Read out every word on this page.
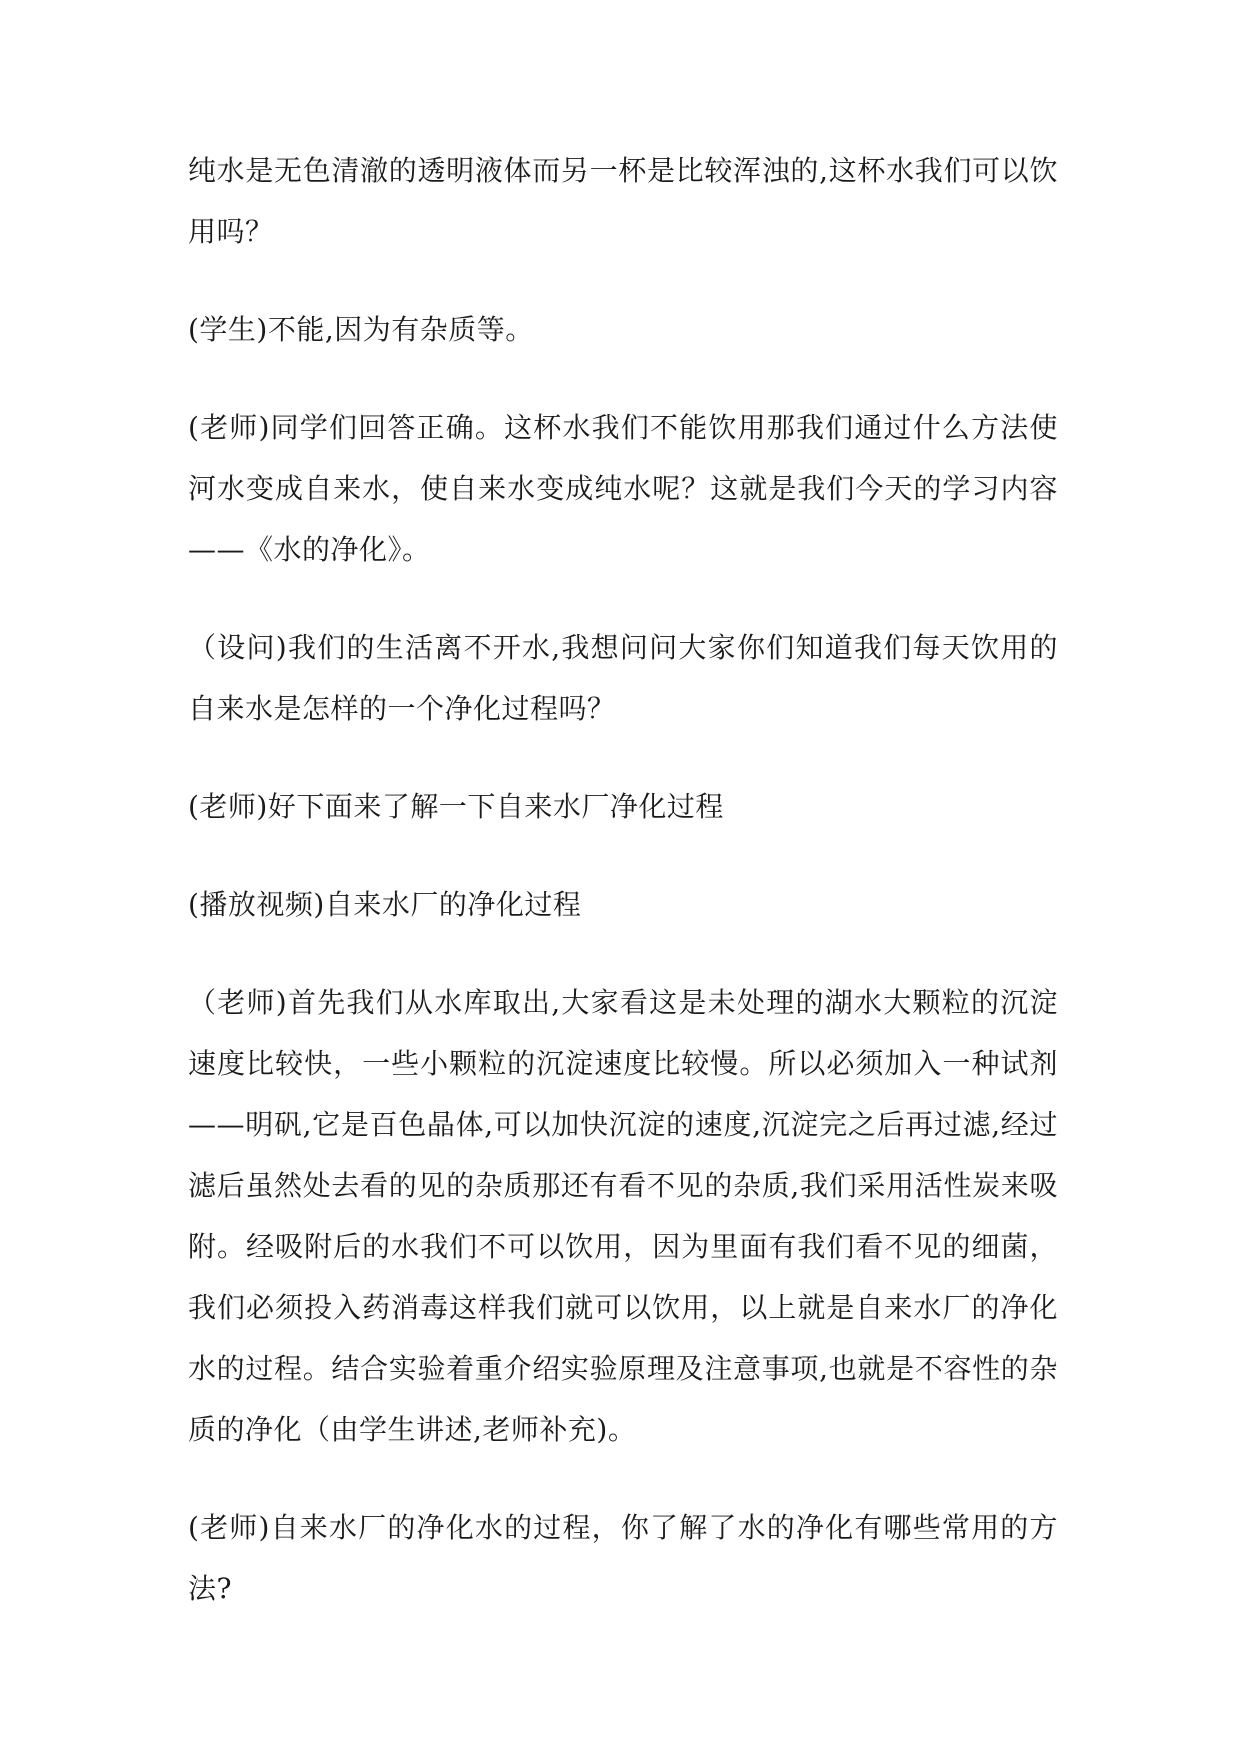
纯水是无色清澈的透明液体而另一杯是比较浑浊的,这杯水我们可以饮用吗？

(学生)不能,因为有杂质等。

(老师)同学们回答正确。这杯水我们不能饮用那我们通过什么方法使河水变成自来水，使自来水变成纯水呢？这就是我们今天的学习内容——《水的净化》。

（设问)我们的生活离不开水,我想问问大家你们知道我们每天饮用的自来水是怎样的一个净化过程吗？

(老师)好下面来了解一下自来水厂净化过程

(播放视频)自来水厂的净化过程

（老师)首先我们从水库取出,大家看这是未处理的湖水大颗粒的沉淀速度比较快，一些小颗粒的沉淀速度比较慢。所以必须加入一种试剂——明矾,它是百色晶体,可以加快沉淀的速度,沉淀完之后再过滤,经过滤后虽然处去看的见的杂质那还有看不见的杂质,我们采用活性炭来吸附。经吸附后的水我们不可以饮用，因为里面有我们看不见的细菌，我们必须投入药消毒这样我们就可以饮用，以上就是自来水厂的净化水的过程。结合实验着重介绍实验原理及注意事项,也就是不容性的杂质的净化（由学生讲述,老师补充)。

(老师)自来水厂的净化水的过程，你了解了水的净化有哪些常用的方法?
